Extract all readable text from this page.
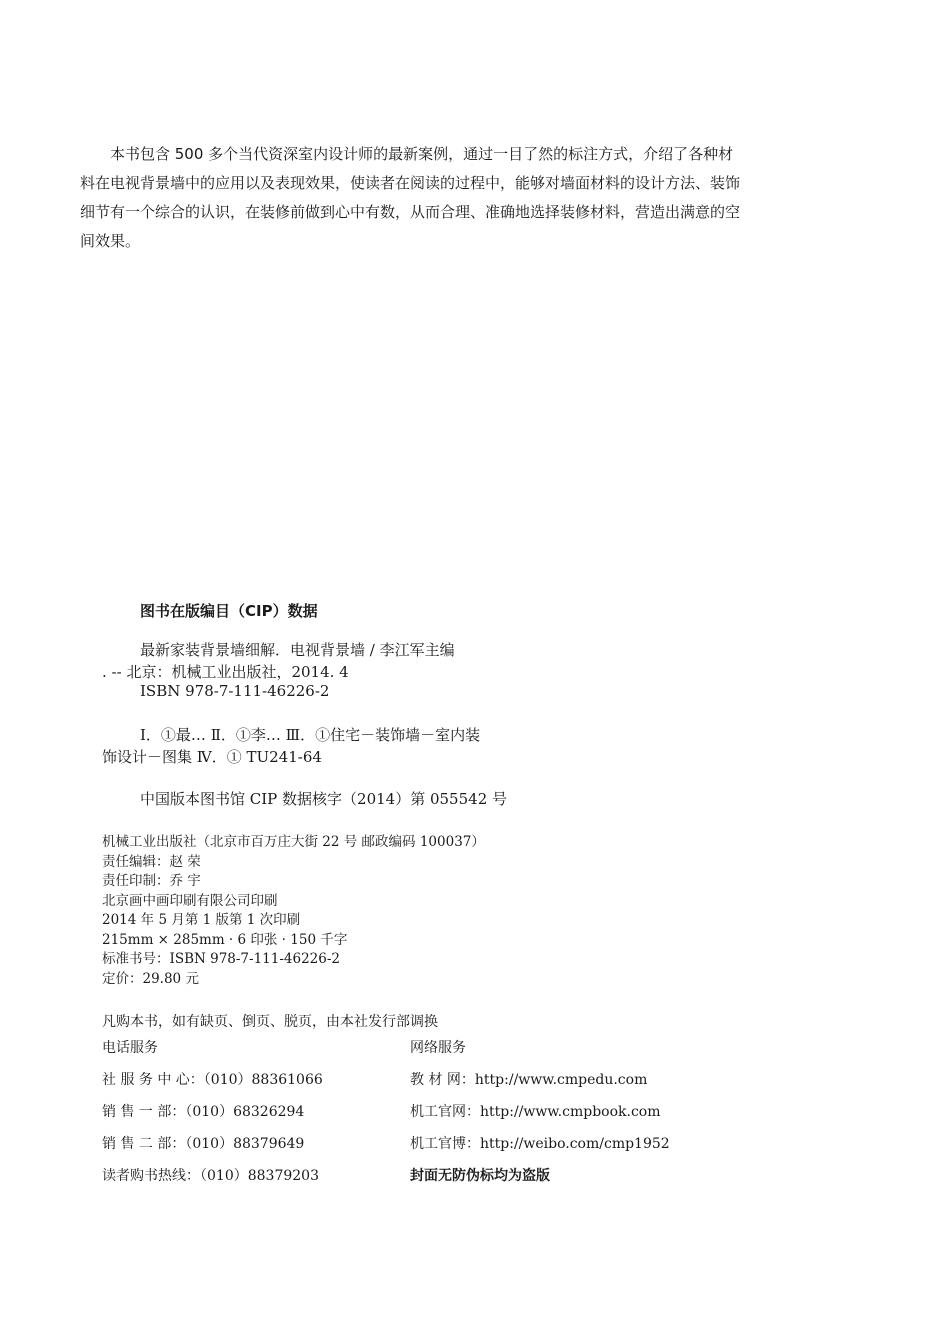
本书包含 500 多个当代资深室内设计师的最新案例，通过一目了然的标注方式，介绍了各种材
料在电视背景墙中的应用以及表现效果，使读者在阅读的过程中，能够对墙面材料的设计方法、装饰
细节有一个综合的认识，在装修前做到心中有数，从而合理、准确地选择装修材料，营造出满意的空
间效果。
图书在版编目（CIP）数据
最新家装背景墙细解．电视背景墙 / 李江军主编
. -- 北京：机械工业出版社，2014. 4
ISBN 978-7-111-46226-2
Ⅰ．①最… Ⅱ．①李… Ⅲ．①住宅－装饰墙－室内装
饰设计－图集 Ⅳ．① TU241-64
中国版本图书馆 CIP 数据核字（2014）第 055542 号
机械工业出版社（北京市百万庄大街 22 号 邮政编码 100037）
责任编辑：赵 荣
责任印制：乔 宇
北京画中画印刷有限公司印刷
2014 年 5 月第 1 版第 1 次印刷
215mm × 285mm · 6 印张 · 150 千字
标准书号：ISBN 978-7-111-46226-2
定价：29.80 元
凡购本书，如有缺页、倒页、脱页，由本社发行部调换
电话服务	网络服务
社 服 务 中 心：（010）88361066
销 售 一 部：（010）68326294
销 售 二 部：（010）88379649
读者购书热线：（010）88379203
教 材 网：http://www.cmpedu.com
机工官网：http://www.cmpbook.com
机工官博：http://weibo.com/cmp1952
封面无防伪标均为盗版
